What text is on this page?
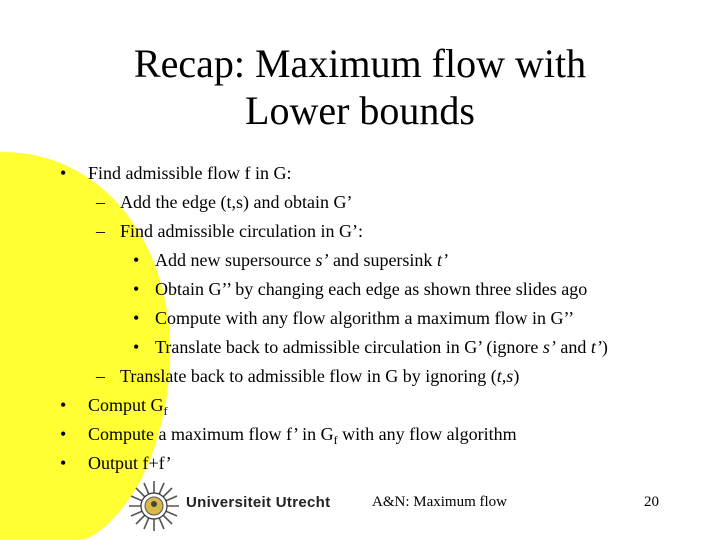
Recap: Maximum flow with
Lower bounds
• Find admissible flow f in G:
– Add the edge (t,s) and obtain G’
– Find admissible circulation in G’:
• Add new supersource s’ and supersink t’
• Obtain G’’ by changing each edge as shown three slides ago
• Compute with any flow algorithm a maximum flow in G’’
• Translate back to admissible circulation in G’ (ignore s’ and t’)
– Translate back to admissible flow in G by ignoring (t,s)
• Comput $G_f$
• Compute a maximum flow f’ in $G_f$ with any flow algorithm
• Output f+f’
Universiteit Utrecht	A&N: Maximum flow	20
